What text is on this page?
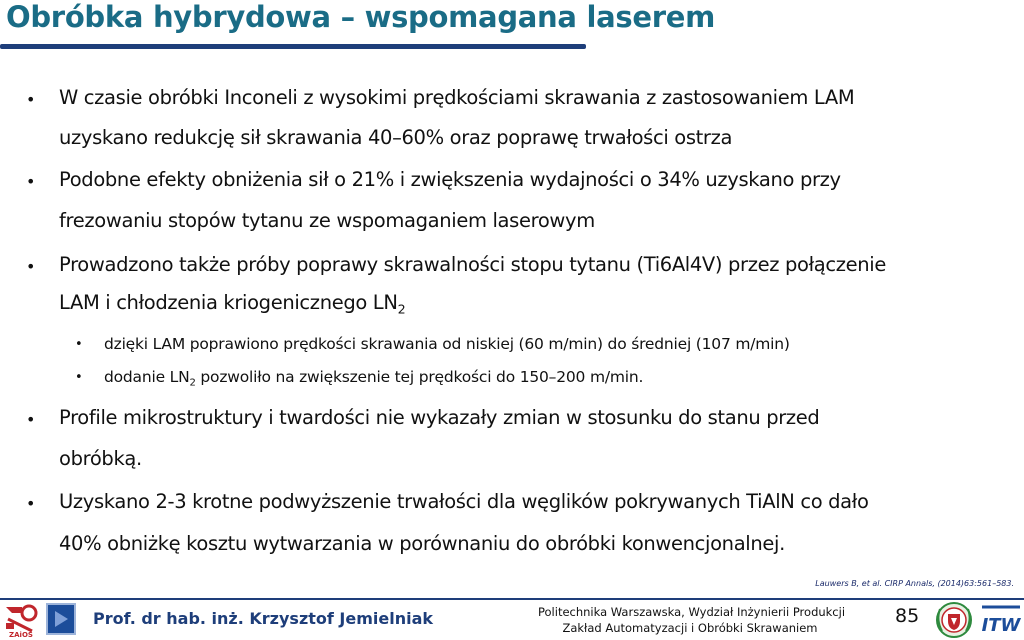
Obróbka hybrydowa – wspomagana laserem
• W czasie obróbki Inconeli z wysokimi prędkościami skrawania z zastosowaniem LAM
uzyskano redukcję sił skrawania 40–60% oraz poprawę trwałości ostrza
• Podobne efekty obniżenia sił o 21% i zwiększenia wydajności o 34% uzyskano przy
frezowaniu stopów tytanu ze wspomaganiem laserowym
• Prowadzono także próby poprawy skrawalności stopu tytanu (Ti6Al4V) przez połączenie
LAM i chłodzenia kriogenicznego $LN_2$
• dzięki LAM poprawiono prędkości skrawania od niskiej (60 m/min) do średniej (107 m/min)
• dodanie $LN_2$ pozwoliło na zwiększenie tej prędkości do 150–200 m/min.
• Profile mikrostruktury i twardości nie wykazały zmian w stosunku do stanu przed
obróbką.
• Uzyskano 2-3 krotne podwyższenie trwałości dla węglików pokrywanych TiAlN co dało
40% obniżkę kosztu wytwarzania w porównaniu do obróbki konwencjonalnej.
Lauwers B, et al. CIRP Annals, (2014)63:561–583.
ZAiOS
Prof. dr hab. inż. Krzysztof Jemielniak	Politechnika Warszawska, Wydział Inżynierii Produkcji
Zakład Automatyzacji i Obróbki Skrawaniem
85	ITW
